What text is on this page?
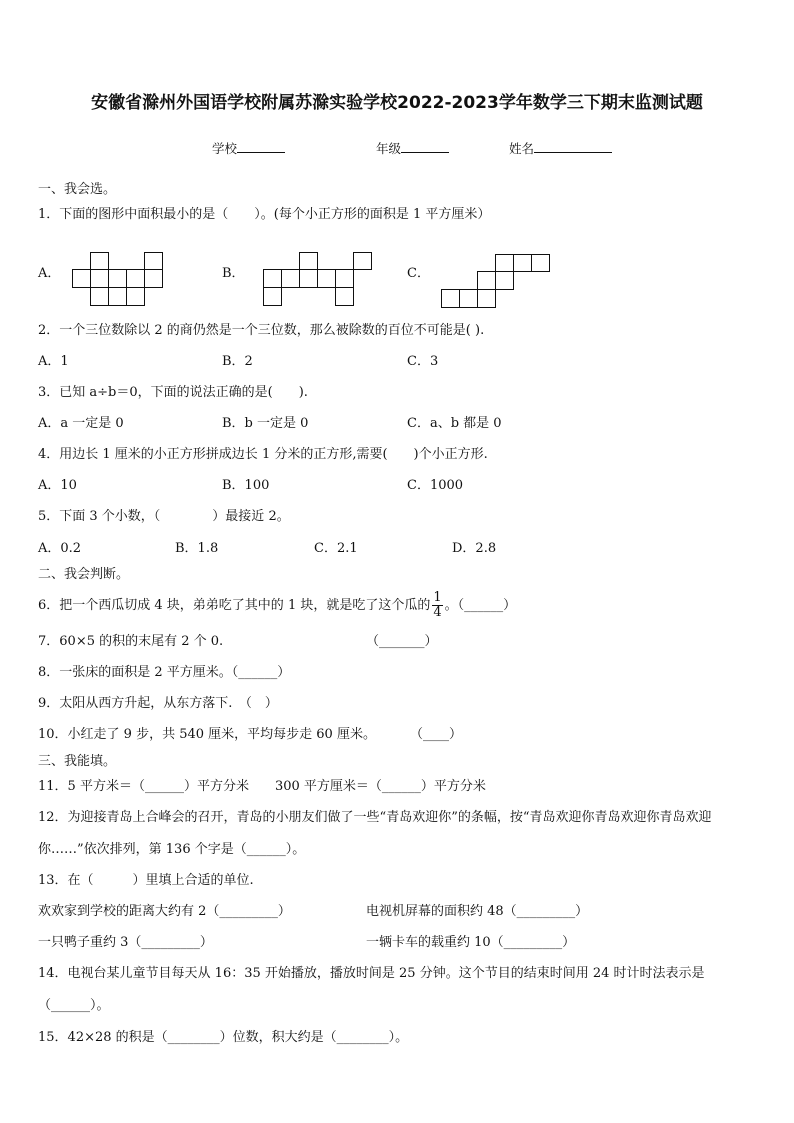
安徽省滁州外国语学校附属苏滁实验学校2022-2023学年数学三下期末监测试题
学校	年级	姓名
一、我会选。
1．下面的图形中面积最小的是（　　）。(每个小正方形的面积是 1 平方厘米）
A．	B．	C．
2．一个三位数除以 2 的商仍然是一个三位数，那么被除数的百位不可能是( ).
A．1	B．2	C．3
3．已知 a÷b＝0，下面的说法正确的是(　　).
A．a 一定是 0	B．b 一定是 0	C．a、b 都是 0
4．用边长 1 厘米的小正方形拼成边长 1 分米的正方形,需要(　　)个小正方形.
A．10	B．100	C．1000
5．下面 3 个小数，（　　　　）最接近 2。
A．0.2	B．1.8	C．2.1	D．2.8
二、我会判断。
6．把一个西瓜切成 4 块，弟弟吃了其中的 1 块，就是吃了这个瓜的 $\frac{1}{4}$ 。（______）
7．60×5 的积的末尾有 2 个 0.	（_______）
8．一张床的面积是 2 平方厘米。（______）
9．太阳从西方升起，从东方落下.　（　）
10．小红走了 9 步，共 540 厘米，平均每步走 60 厘米。	（____）
三、我能填。
11．5 平方米＝（______）平方分米　　300 平方厘米＝（______）平方分米
12．为迎接青岛上合峰会的召开，青岛的小朋友们做了一些“青岛欢迎你”的条幅，按“青岛欢迎你青岛欢迎你青岛欢迎
你……”依次排列，第 136 个字是（______）。
13．在（　　　）里填上合适的单位.
欢欢家到学校的距离大约有 2（_________）	电视机屏幕的面积约 48（_________）
一只鸭子重约 3（_________）	一辆卡车的载重约 10（_________）
14．电视台某儿童节目每天从 16：35 开始播放，播放时间是 25 分钟。这个节目的结束时间用 24 时计时法表示是
（______）。
15．42×28 的积是（________）位数，积大约是（________）。
